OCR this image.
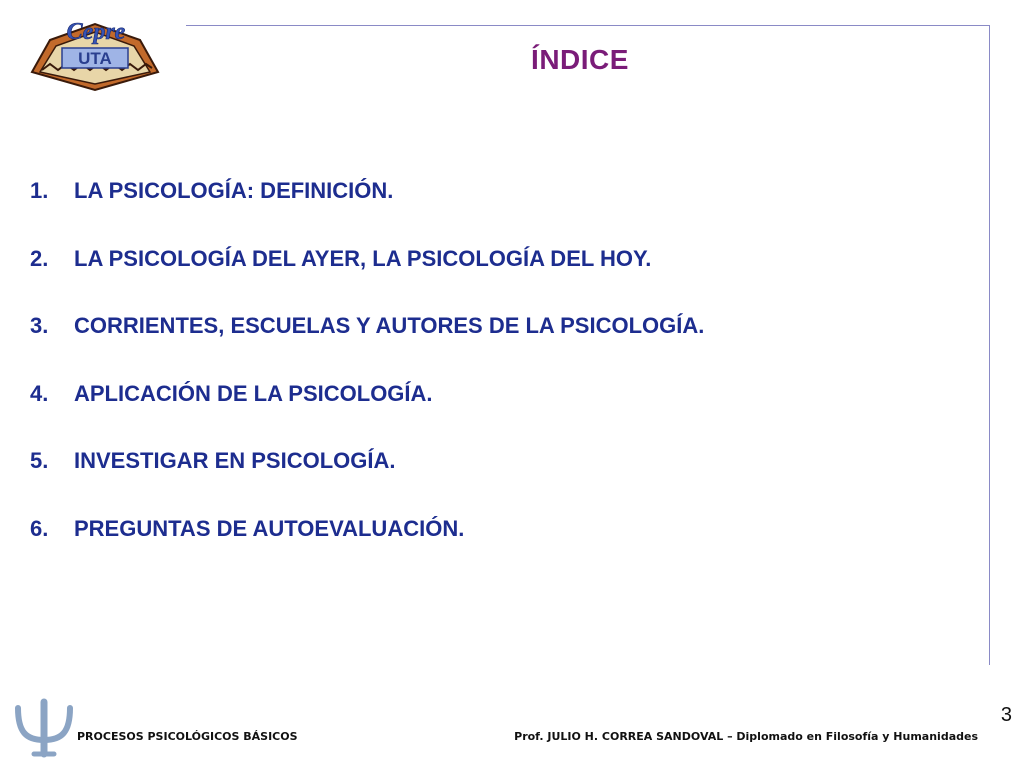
UTA
Cepre
ÍNDICE
1.	LA PSICOLOGÍA: DEFINICIÓN.
2.	LA PSICOLOGÍA DEL AYER, LA PSICOLOGÍA DEL HOY.
3.	CORRIENTES, ESCUELAS Y AUTORES DE LA PSICOLOGÍA.
4.	APLICACIÓN DE LA PSICOLOGÍA.
5.	INVESTIGAR EN PSICOLOGÍA.
6.	PREGUNTAS DE AUTOEVALUACIÓN.
PROCESOS PSICOLÓGICOS BÁSICOS	Prof. JULIO H. CORREA SANDOVAL – Diplomado en Filosofía y Humanidades
3
